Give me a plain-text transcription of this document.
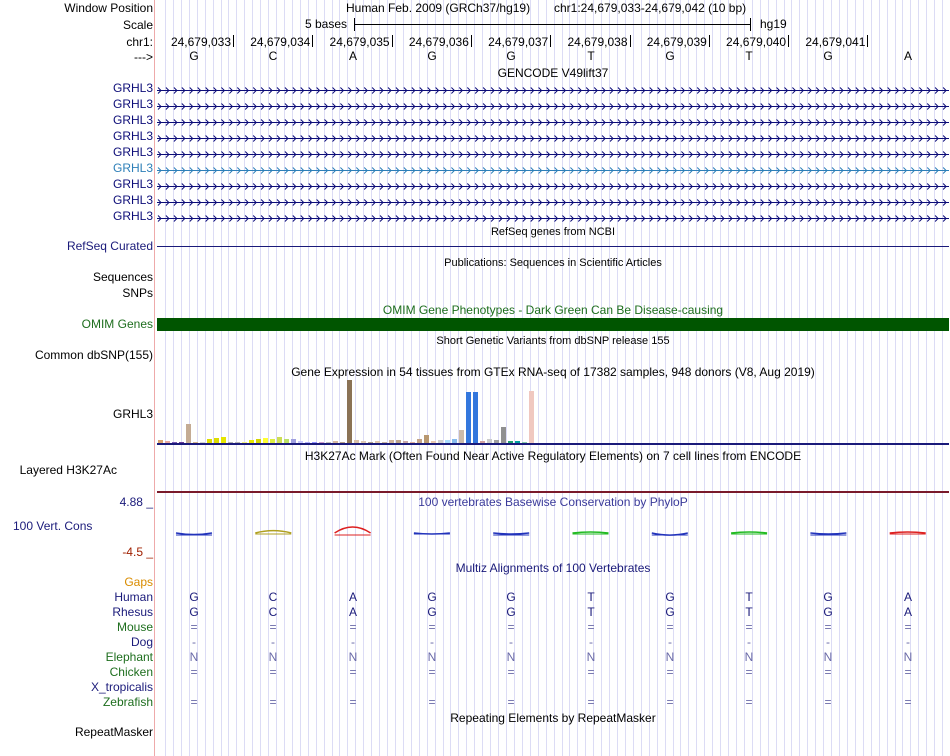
Window Position	Human Feb. 2009 (GRCh37/hg19) chr1:24,679,033-24,679,042 (10 bp)
Scale	5 bases	hg19
chr1: 24,679,033 24,679,034 24,679,035 24,679,036 24,679,037 24,679,038 24,679,039 24,679,040 24,679,041
--->	G	C	A	G	G	T	G	T	G	A
GENCODE V49lift37
GRHL3
GRHL3
GRHL3
GRHL3
GRHL3
GRHL3
GRHL3
GRHL3
GRHL3
RefSeq genes from NCBI
RefSeq Curated
Publications: Sequences in Scientific Articles
Sequences
SNPs
OMIM Gene Phenotypes - Dark Green Can Be Disease-causing
OMIM Genes
Short Genetic Variants from dbSNP release 155
Common dbSNP(155)
Gene Expression in 54 tissues from GTEx RNA-seq of 17382 samples, 948 donors (V8, Aug 2019)
GRHL3
H3K27Ac Mark (Often Found Near Active Regulatory Elements) on 7 cell lines from ENCODE
Layered H3K27Ac
100 vertebrates Basewise Conservation by PhyloP
4.88 _
100 Vert. Cons
-4.5 _
Multiz Alignments of 100 Vertebrates
Gaps
Human	G	C	A	G	G	T	G	T	G	A
Rhesus	G	C	A	G	G	T	G	T	G	A
Mouse	=	=	=	=	=	=	=	=	=	=
Dog	-	-	-	-	-	-	-	-	-	-
Elephant	N	N	N	N	N	N	N	N	N	N
Chicken	=	=	=	=	=	=	=	=	=	=
X_tropicalis
Zebrafish	=	=	=	=	=	=	=	=	=	=
Repeating Elements by RepeatMasker
RepeatMasker
